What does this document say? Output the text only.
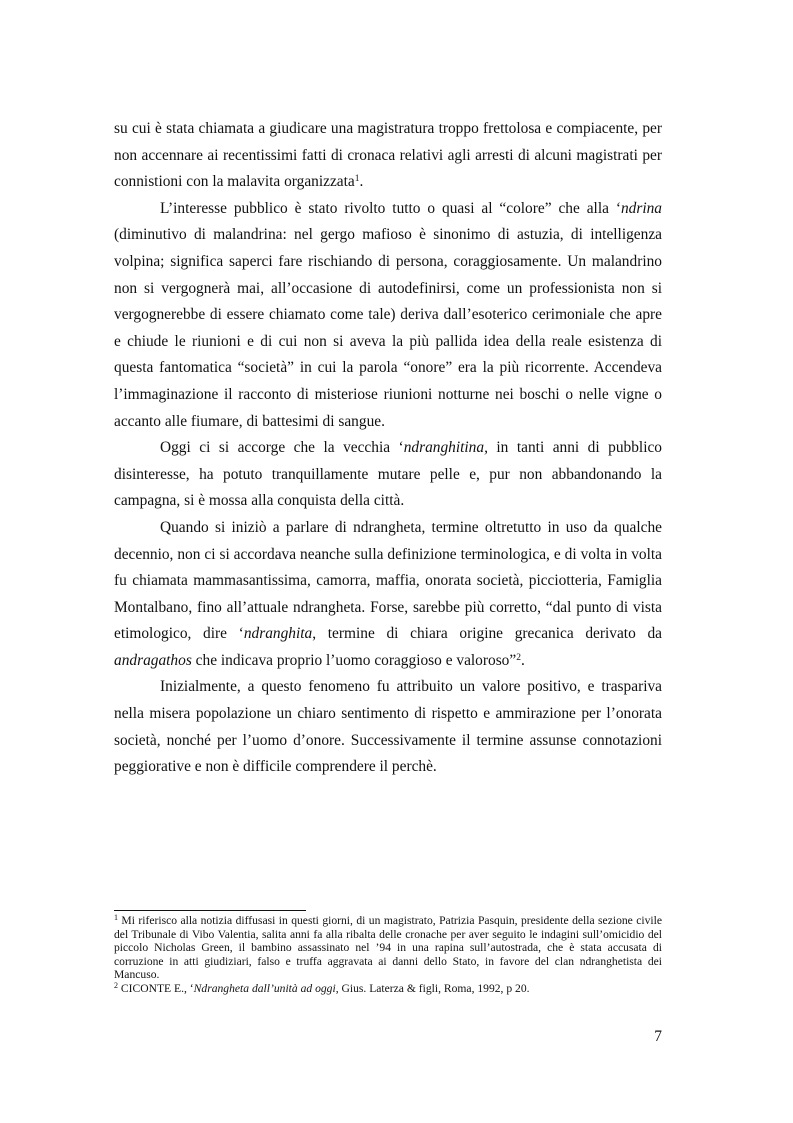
su cui è stata chiamata a giudicare una magistratura troppo frettolosa e compiacente, per non accennare ai recentissimi fatti di cronaca relativi agli arresti di alcuni magistrati per connistioni con la malavita organizzata$^1$.

L’interesse pubblico è stato rivolto tutto o quasi al “colore” che alla ‘ndrina (diminutivo di malandrina: nel gergo mafioso è sinonimo di astuzia, di intelligenza volpina; significa saperci fare rischiando di persona, coraggiosamente. Un malandrino non si vergognerà mai, all’occasione di autodefinirsi, come un professionista non si vergognerebbe di essere chiamato come tale) deriva dall’esoterico cerimoniale che apre e chiude le riunioni e di cui non si aveva la più pallida idea della reale esistenza di questa fantomatica “società” in cui la parola “onore” era la più ricorrente. Accendeva l’immaginazione il racconto di misteriose riunioni notturne nei boschi o nelle vigne o accanto alle fiumare, di battesimi di sangue.

Oggi ci si accorge che la vecchia ‘ndranghitina, in tanti anni di pubblico disinteresse, ha potuto tranquillamente mutare pelle e, pur non abbandonando la campagna, si è mossa alla conquista della città.

Quando si iniziò a parlare di ndrangheta, termine oltretutto in uso da qualche decennio, non ci si accordava neanche sulla definizione terminologica, e di volta in volta fu chiamata mammasantissima, camorra, maffia, onorata società, picciotteria, Famiglia Montalbano, fino all’attuale ndrangheta. Forse, sarebbe più corretto, “dal punto di vista etimologico, dire ‘ndranghita, termine di chiara origine grecanica derivato da andragathos che indicava proprio l’uomo coraggioso e valoroso”$^2$.

Inizialmente, a questo fenomeno fu attribuito un valore positivo, e traspariva nella misera popolazione un chiaro sentimento di rispetto e ammirazione per l’onorata società, nonché per l’uomo d’onore. Successivamente il termine assunse connotazioni peggiorative e non è difficile comprendere il perchè.

$^1$ Mi riferisco alla notizia diffusasi in questi giorni, di un magistrato, Patrizia Pasquin, presidente della sezione civile del Tribunale di Vibo Valentia, salita anni fa alla ribalta delle cronache per aver seguito le indagini sull’omicidio del piccolo Nicholas Green, il bambino assassinato nel ’94 in una rapina sull’autostrada, che è stata accusata di corruzione in atti giudiziari, falso e truffa aggravata ai danni dello Stato, in favore del clan ndranghetista dei Mancuso.

$^2$ CICONTE E., ‘Ndrangheta dall’unità ad oggi, Gius. Laterza & figli, Roma, 1992, p 20.

7
